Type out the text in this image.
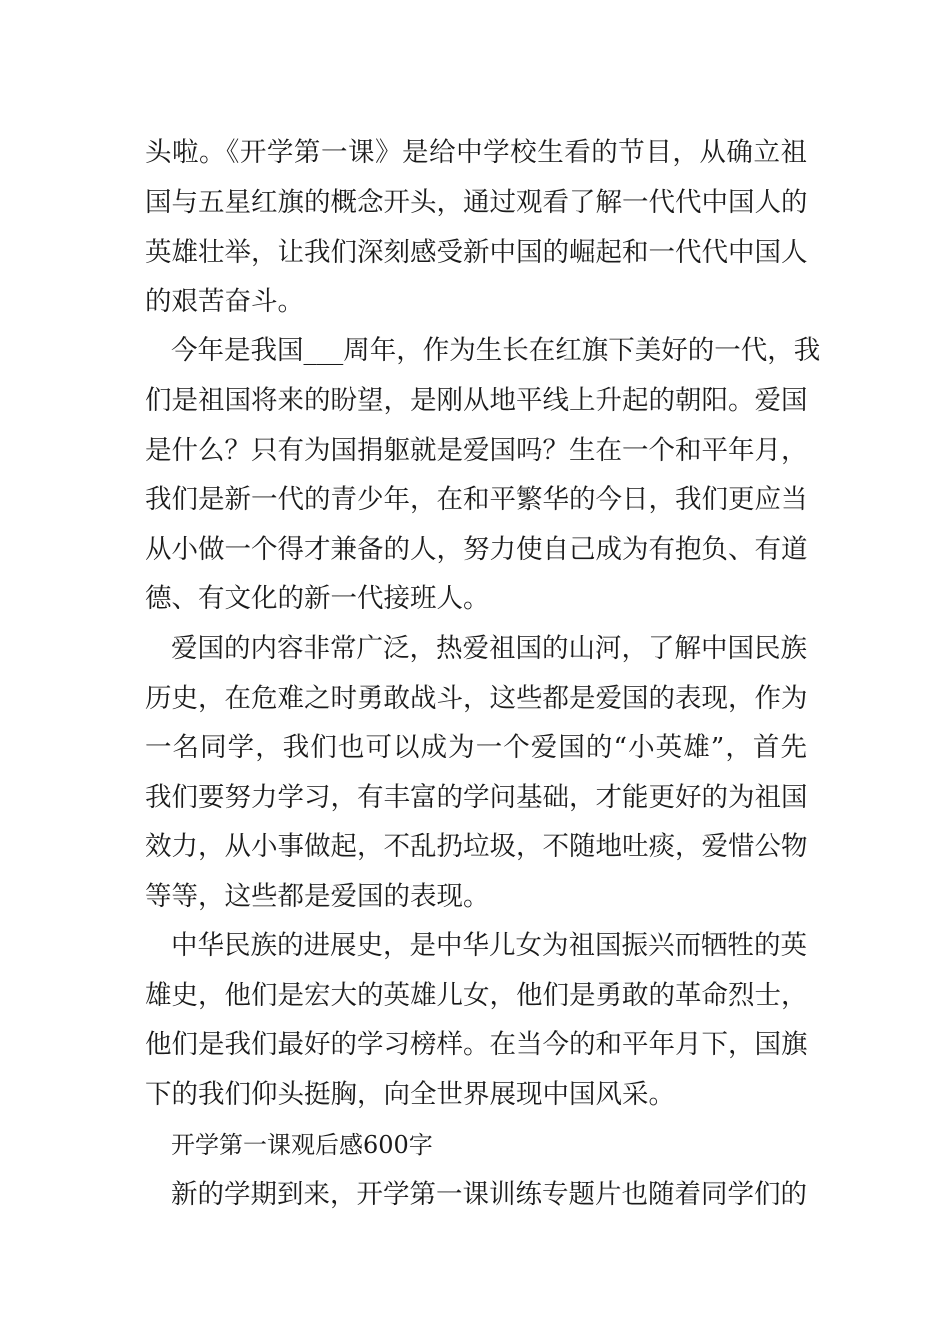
头啦。《开学第一课》是给中学校生看的节目，从确立祖
国与五星红旗的概念开头，通过观看了解一代代中国人的
英雄壮举，让我们深刻感受新中国的崛起和一代代中国人
的艰苦奋斗。
今年是我国___周年，作为生长在红旗下美好的一代，我
们是祖国将来的盼望，是刚从地平线上升起的朝阳。爱国
是什么？只有为国捐躯就是爱国吗？生在一个和平年月，
我们是新一代的青少年，在和平繁华的今日，我们更应当
从小做一个得才兼备的人，努力使自己成为有抱负、有道
德、有文化的新一代接班人。
爱国的内容非常广泛，热爱祖国的山河，了解中国民族
历史，在危难之时勇敢战斗，这些都是爱国的表现，作为
一名同学，我们也可以成为一个爱国的“小英雄”，首先
我们要努力学习，有丰富的学问基础，才能更好的为祖国
效力，从小事做起，不乱扔垃圾，不随地吐痰，爱惜公物
等等，这些都是爱国的表现。
中华民族的进展史，是中华儿女为祖国振兴而牺牲的英
雄史，他们是宏大的英雄儿女，他们是勇敢的革命烈士，
他们是我们最好的学习榜样。在当今的和平年月下，国旗
下的我们仰头挺胸，向全世界展现中国风采。
开学第一课观后感600字
新的学期到来，开学第一课训练专题片也随着同学们的
